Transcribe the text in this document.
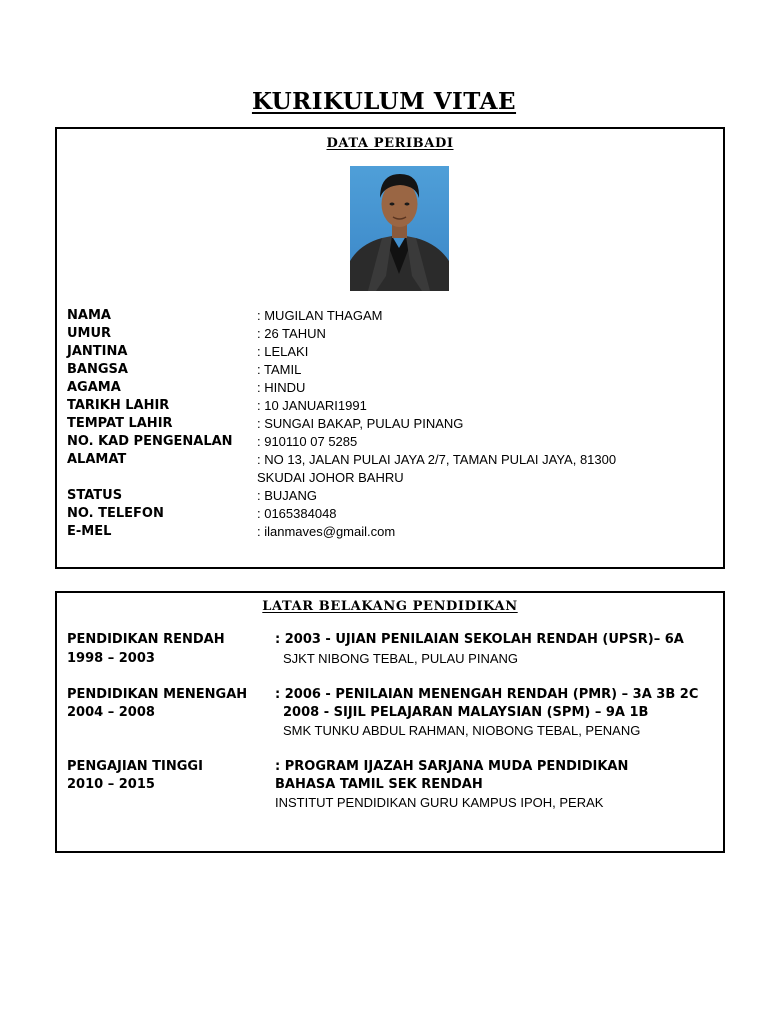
KURIKULUM VITAE
DATA PERIBADI
NAMA	: MUGILAN THAGAM
UMUR	: 26 TAHUN
JANTINA	: LELAKI
BANGSA	: TAMIL
AGAMA	: HINDU
TARIKH LAHIR	: 10 JANUARI1991
TEMPAT LAHIR	: SUNGAI BAKAP, PULAU PINANG
NO. KAD PENGENALAN : 910110 07 5285
ALAMAT	: NO 13, JALAN PULAI JAYA 2/7, TAMAN PULAI JAYA, 81300
SKUDAI JOHOR BAHRU
STATUS	: BUJANG
NO. TELEFON	: 0165384048
E-MEL	: ilanmaves@gmail.com
LATAR BELAKANG PENDIDIKAN
PENDIDIKAN RENDAH	: 2003 - UJIAN PENILAIAN SEKOLAH RENDAH (UPSR)– 6A
1998 – 2003	SJKT NIBONG TEBAL, PULAU PINANG
PENDIDIKAN MENENGAH : 2006 - PENILAIAN MENENGAH RENDAH (PMR) – 3A 3B 2C
2004 – 2008	2008 - SIJIL PELAJARAN MALAYSIAN (SPM) – 9A 1B
SMK TUNKU ABDUL RAHMAN, NIOBONG TEBAL, PENANG
PENGAJIAN TINGGI	: PROGRAM IJAZAH SARJANA MUDA PENDIDIKAN
2010 – 2015	BAHASA TAMIL SEK RENDAH
INSTITUT PENDIDIKAN GURU KAMPUS IPOH, PERAK
